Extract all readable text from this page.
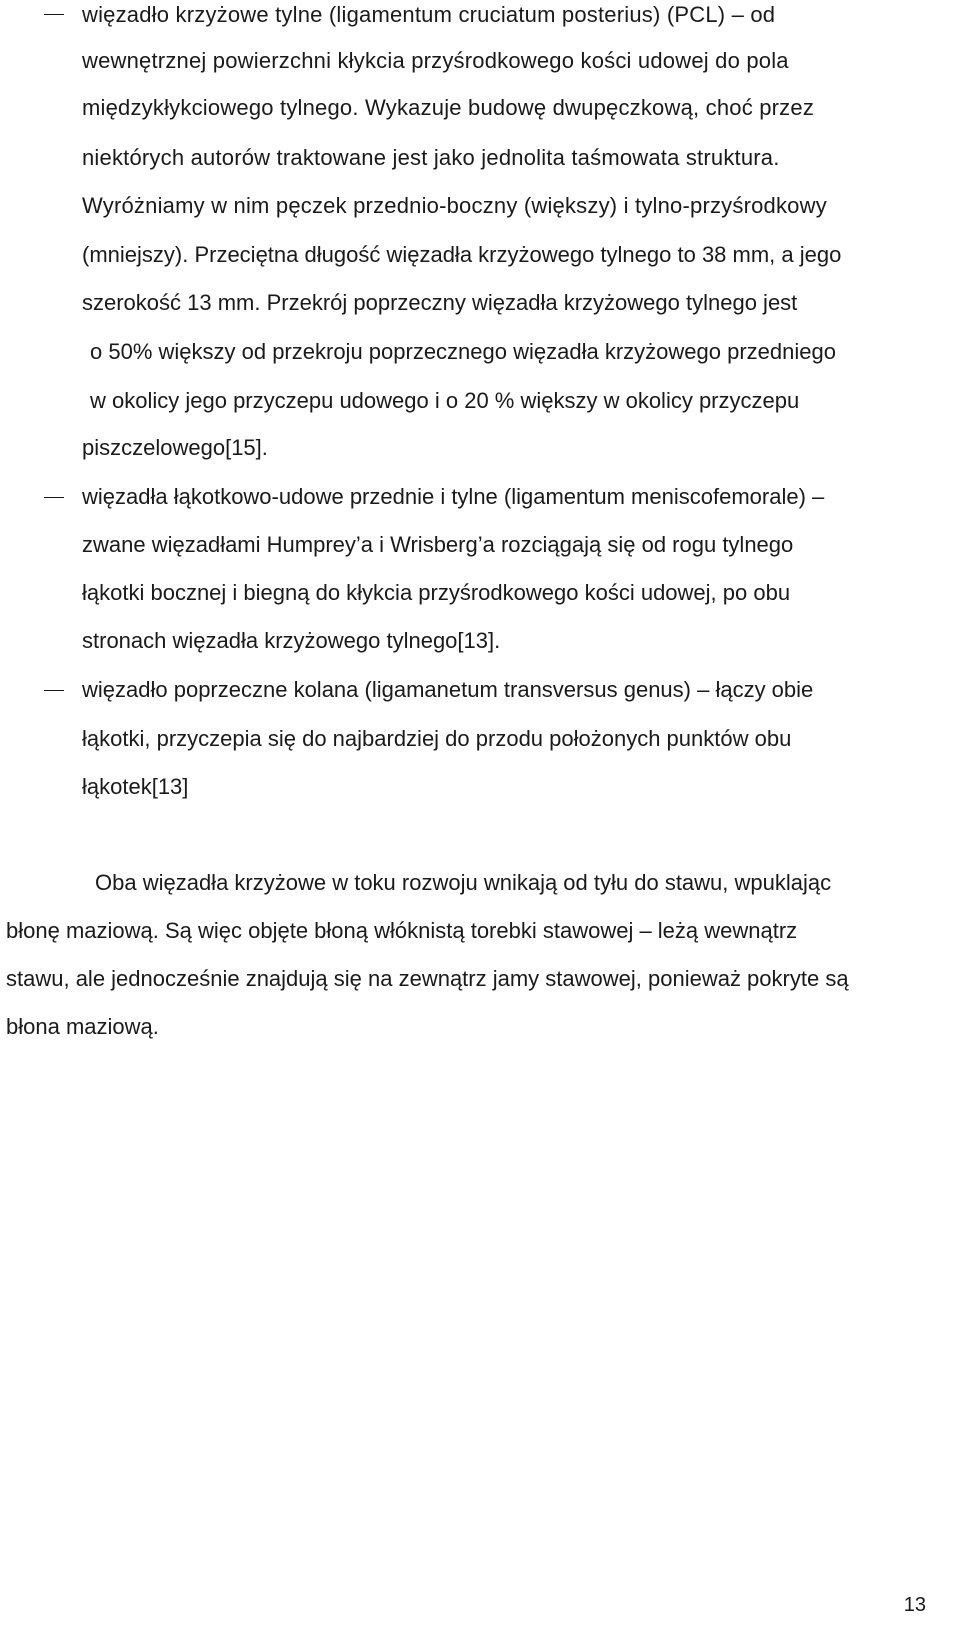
więzadło krzyżowe tylne (ligamentum cruciatum posterius) (PCL) – od
wewnętrznej powierzchni kłykcia przyśrodkowego kości udowej do pola
międzykłykciowego tylnego. Wykazuje budowę dwupęczkową, choć przez
niektórych autorów traktowane jest jako jednolita taśmowata struktura.
Wyróżniamy w nim pęczek przednio-boczny (większy) i tylno-przyśrodkowy
(mniejszy). Przeciętna długość więzadła krzyżowego tylnego to 38 mm, a jego
szerokość 13 mm. Przekrój poprzeczny więzadła krzyżowego tylnego jest
o 50% większy od przekroju poprzecznego więzadła krzyżowego przedniego
w okolicy jego przyczepu udowego i o 20 % większy w okolicy przyczepu
piszczelowego[15].
więzadła łąkotkowo-udowe przednie i tylne (ligamentum meniscofemorale) –
zwane więzadłami Humprey’a i Wrisberg’a rozciągają się od rogu tylnego
łąkotki bocznej i biegną do kłykcia przyśrodkowego kości udowej, po obu
stronach więzadła krzyżowego tylnego[13].
więzadło poprzeczne kolana (ligamanetum transversus genus) – łączy obie
łąkotki, przyczepia się do najbardziej do przodu położonych punktów obu
łąkotek[13]
Oba więzadła krzyżowe w toku rozwoju wnikają od tyłu do stawu, wpuklając
błonę maziową. Są więc objęte błoną włóknistą torebki stawowej – leżą wewnątrz
stawu, ale jednocześnie znajdują się na zewnątrz jamy stawowej, ponieważ pokryte są
błona maziową.
13
